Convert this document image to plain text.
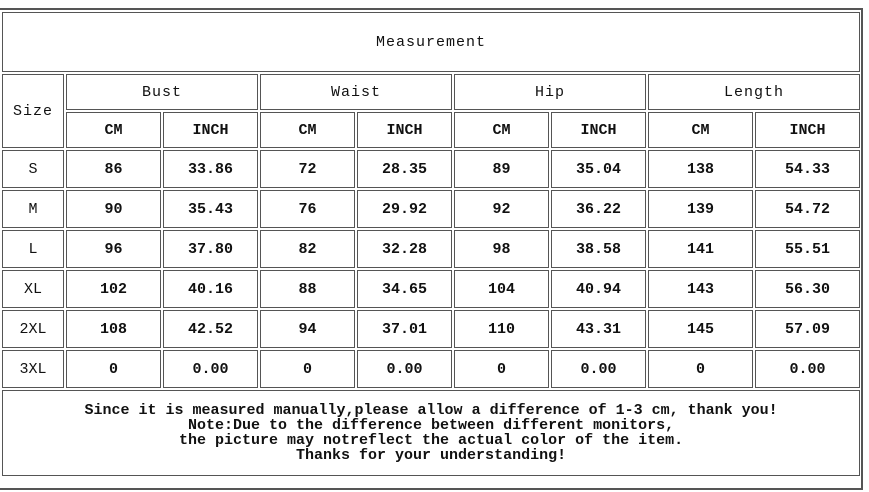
Measurement								
Size	Bust		Waist		Hip		Length	
	CM	INCH	CM	INCH	CM	INCH	CM	INCH
S	86	33.86	72	28.35	89	35.04	138	54.33
M	90	35.43	76	29.92	92	36.22	139	54.72
L	96	37.80	82	32.28	98	38.58	141	55.51
XL	102	40.16	88	34.65	104	40.94	143	56.30
2XL	108	42.52	94	37.01	110	43.31	145	57.09
3XL	0	0.00	0	0.00	0	0.00	0	0.00

Since it is measured manually,please allow a difference of 1-3 cm, thank you!
Note:Due to the difference between different monitors,
the picture may notreflect the actual color of the item.
Thanks for your understanding!								
